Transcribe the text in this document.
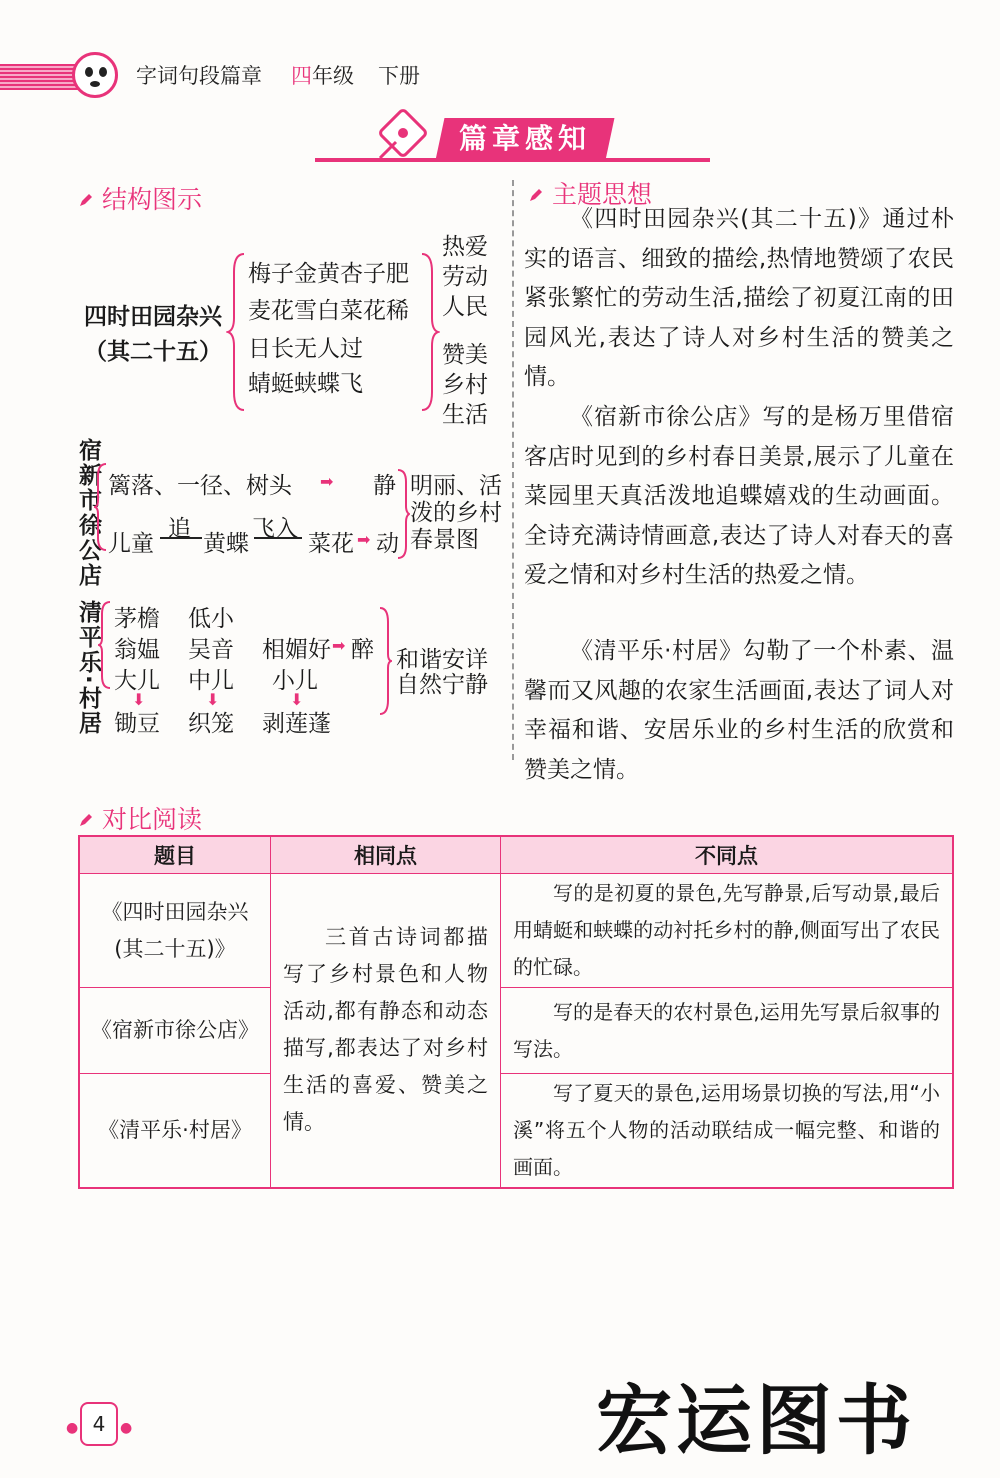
字词句段篇章 四年级 下册
篇章感知
结构图示	主题思想
四时田园杂兴
（其二十五）
梅子金黄杏子肥
麦花雪白菜花稀
日长无人过
蜻蜓蛱蝶飞
热爱
劳动
人民
赞美
乡村
生活
宿新市徐公店 篱落、一径、树头 ➡ 静
儿童
追
黄蝶
飞入
菜花 ➡ 动
明丽、活
泼的乡村
春景图
清平乐·村居 茅檐
翁媪
大儿
⬇
锄豆
低小
吴音
中儿
⬇
织笼
相媚好 ➡ 醉
小儿
⬇
剥莲蓬
和谐安详
自然宁静
《四时田园杂兴(其二十五)》通过朴实的语言、细致的描绘,热情地赞颂了农民紧张繁忙的劳动生活,描绘了初夏江南的田园风光,表达了诗人对乡村生活的赞美之情。
《宿新市徐公店》写的是杨万里借宿客店时见到的乡村春日美景,展示了儿童在菜园里天真活泼地追蝶嬉戏的生动画面。全诗充满诗情画意,表达了诗人对春天的喜爱之情和对乡村生活的热爱之情。
《清平乐·村居》勾勒了一个朴素、温馨而又风趣的农家生活画面,表达了词人对幸福和谐、安居乐业的乡村生活的欣赏和赞美之情。
对比阅读
题目	相同点	不同点

《四时田园杂兴
(其二十五)》	三首古诗词都描写了乡村景色和人物活动,都有静态和动态描写,都表达了对乡村生活的喜爱、赞美之情。	写的是初夏的景色,先写静景,后写动景,最后用蜻蜓和蛱蝶的动衬托乡村的静,侧面写出了农民的忙碌。
《宿新市徐公店》		写的是春天的农村景色,运用先写景后叙事的写法。
《清平乐·村居》		写了夏天的景色,运用场景切换的写法,用“小溪”将五个人物的活动联结成一幅完整、和谐的画面。
● 4	●	宏运图书
